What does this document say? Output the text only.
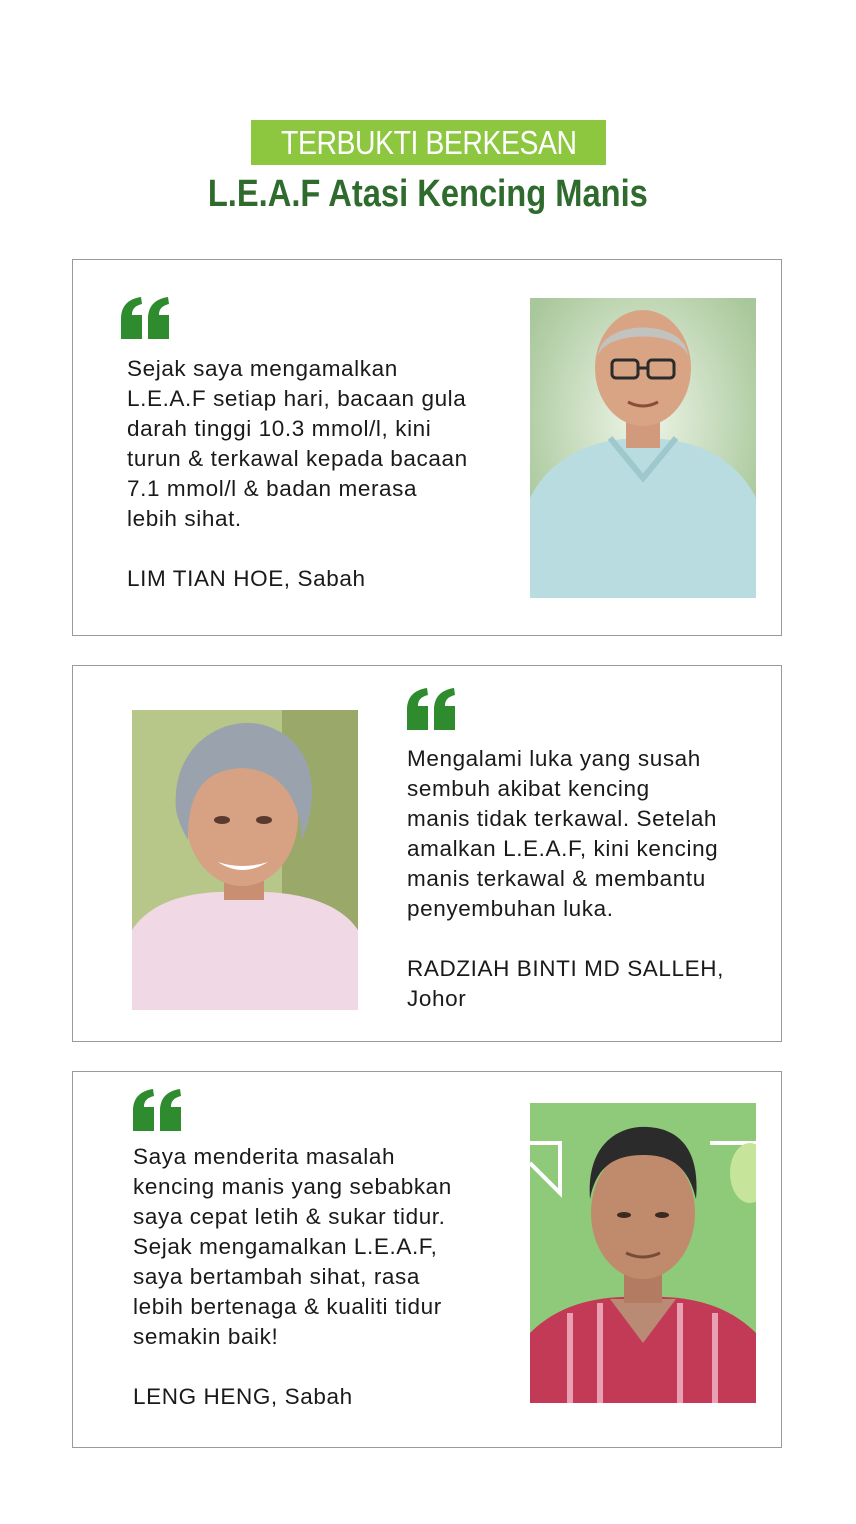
TERBUKTI BERKESAN
L.E.A.F Atasi Kencing Manis
Sejak saya mengamalkan
L.E.A.F setiap hari, bacaan gula
darah tinggi 10.3 mmol/l, kini
turun & terkawal kepada bacaan
7.1 mmol/l & badan merasa
lebih sihat.
LIM TIAN HOE, Sabah
Mengalami luka yang susah
sembuh akibat kencing
manis tidak terkawal. Setelah
amalkan L.E.A.F, kini kencing
manis terkawal & membantu
penyembuhan luka.
RADZIAH BINTI MD SALLEH,
Johor
Saya menderita masalah
kencing manis yang sebabkan
saya cepat letih & sukar tidur.
Sejak mengamalkan L.E.A.F,
saya bertambah sihat, rasa
lebih bertenaga & kualiti tidur
semakin baik!
LENG HENG, Sabah
